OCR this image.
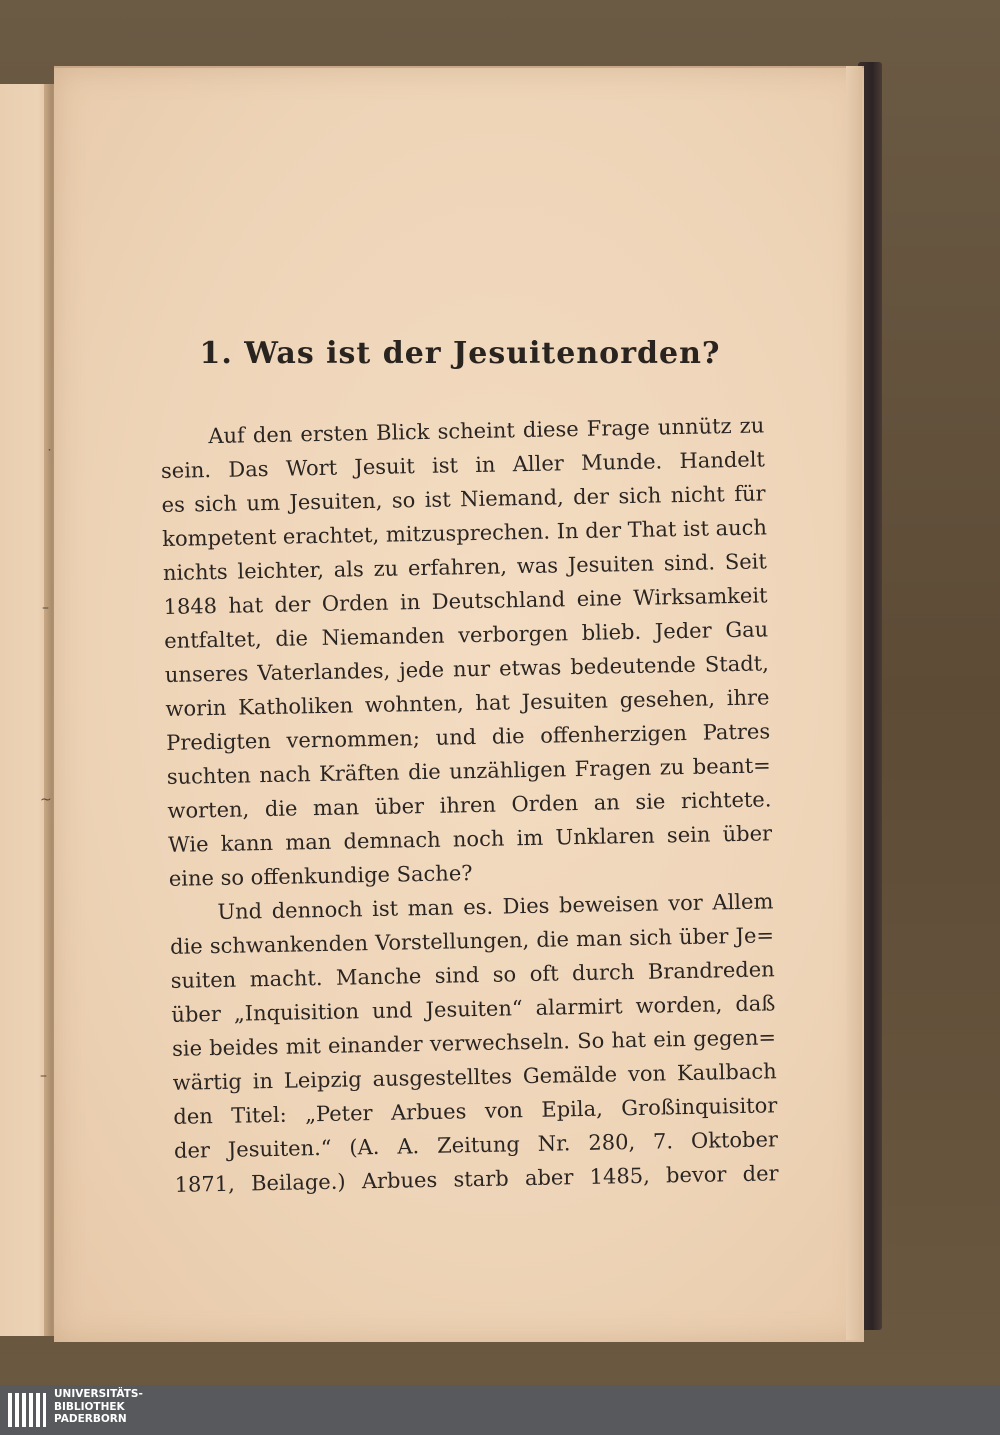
˙
–
~
–
1. Was ist der Jesuitenorden?
Auf den ersten Blick scheint diese Frage unnütz zu
sein. Das Wort Jesuit ist in Aller Munde. Handelt
es sich um Jesuiten, so ist Niemand, der sich nicht für
kompetent erachtet, mitzusprechen. In der That ist auch
nichts leichter, als zu erfahren, was Jesuiten sind. Seit
1848 hat der Orden in Deutschland eine Wirksamkeit
entfaltet, die Niemanden verborgen blieb. Jeder Gau
unseres Vaterlandes, jede nur etwas bedeutende Stadt,
worin Katholiken wohnten, hat Jesuiten gesehen, ihre
Predigten vernommen; und die offenherzigen Patres
suchten nach Kräften die unzähligen Fragen zu beant=
worten, die man über ihren Orden an sie richtete.
Wie kann man demnach noch im Unklaren sein über
eine so offenkundige Sache?
Und dennoch ist man es. Dies beweisen vor Allem
die schwankenden Vorstellungen, die man sich über Je=
suiten macht. Manche sind so oft durch Brandreden
über „Inquisition und Jesuiten“ alarmirt worden, daß
sie beides mit einander verwechseln. So hat ein gegen=
wärtig in Leipzig ausgestelltes Gemälde von Kaulbach
den Titel: „Peter Arbues von Epila, Großinquisitor
der Jesuiten.“ (A. A. Zeitung Nr. 280, 7. Oktober
1871, Beilage.) Arbues starb aber 1485, bevor der
UNIVERSITÄTS-
BIBLIOTHEK
PADERBORN
